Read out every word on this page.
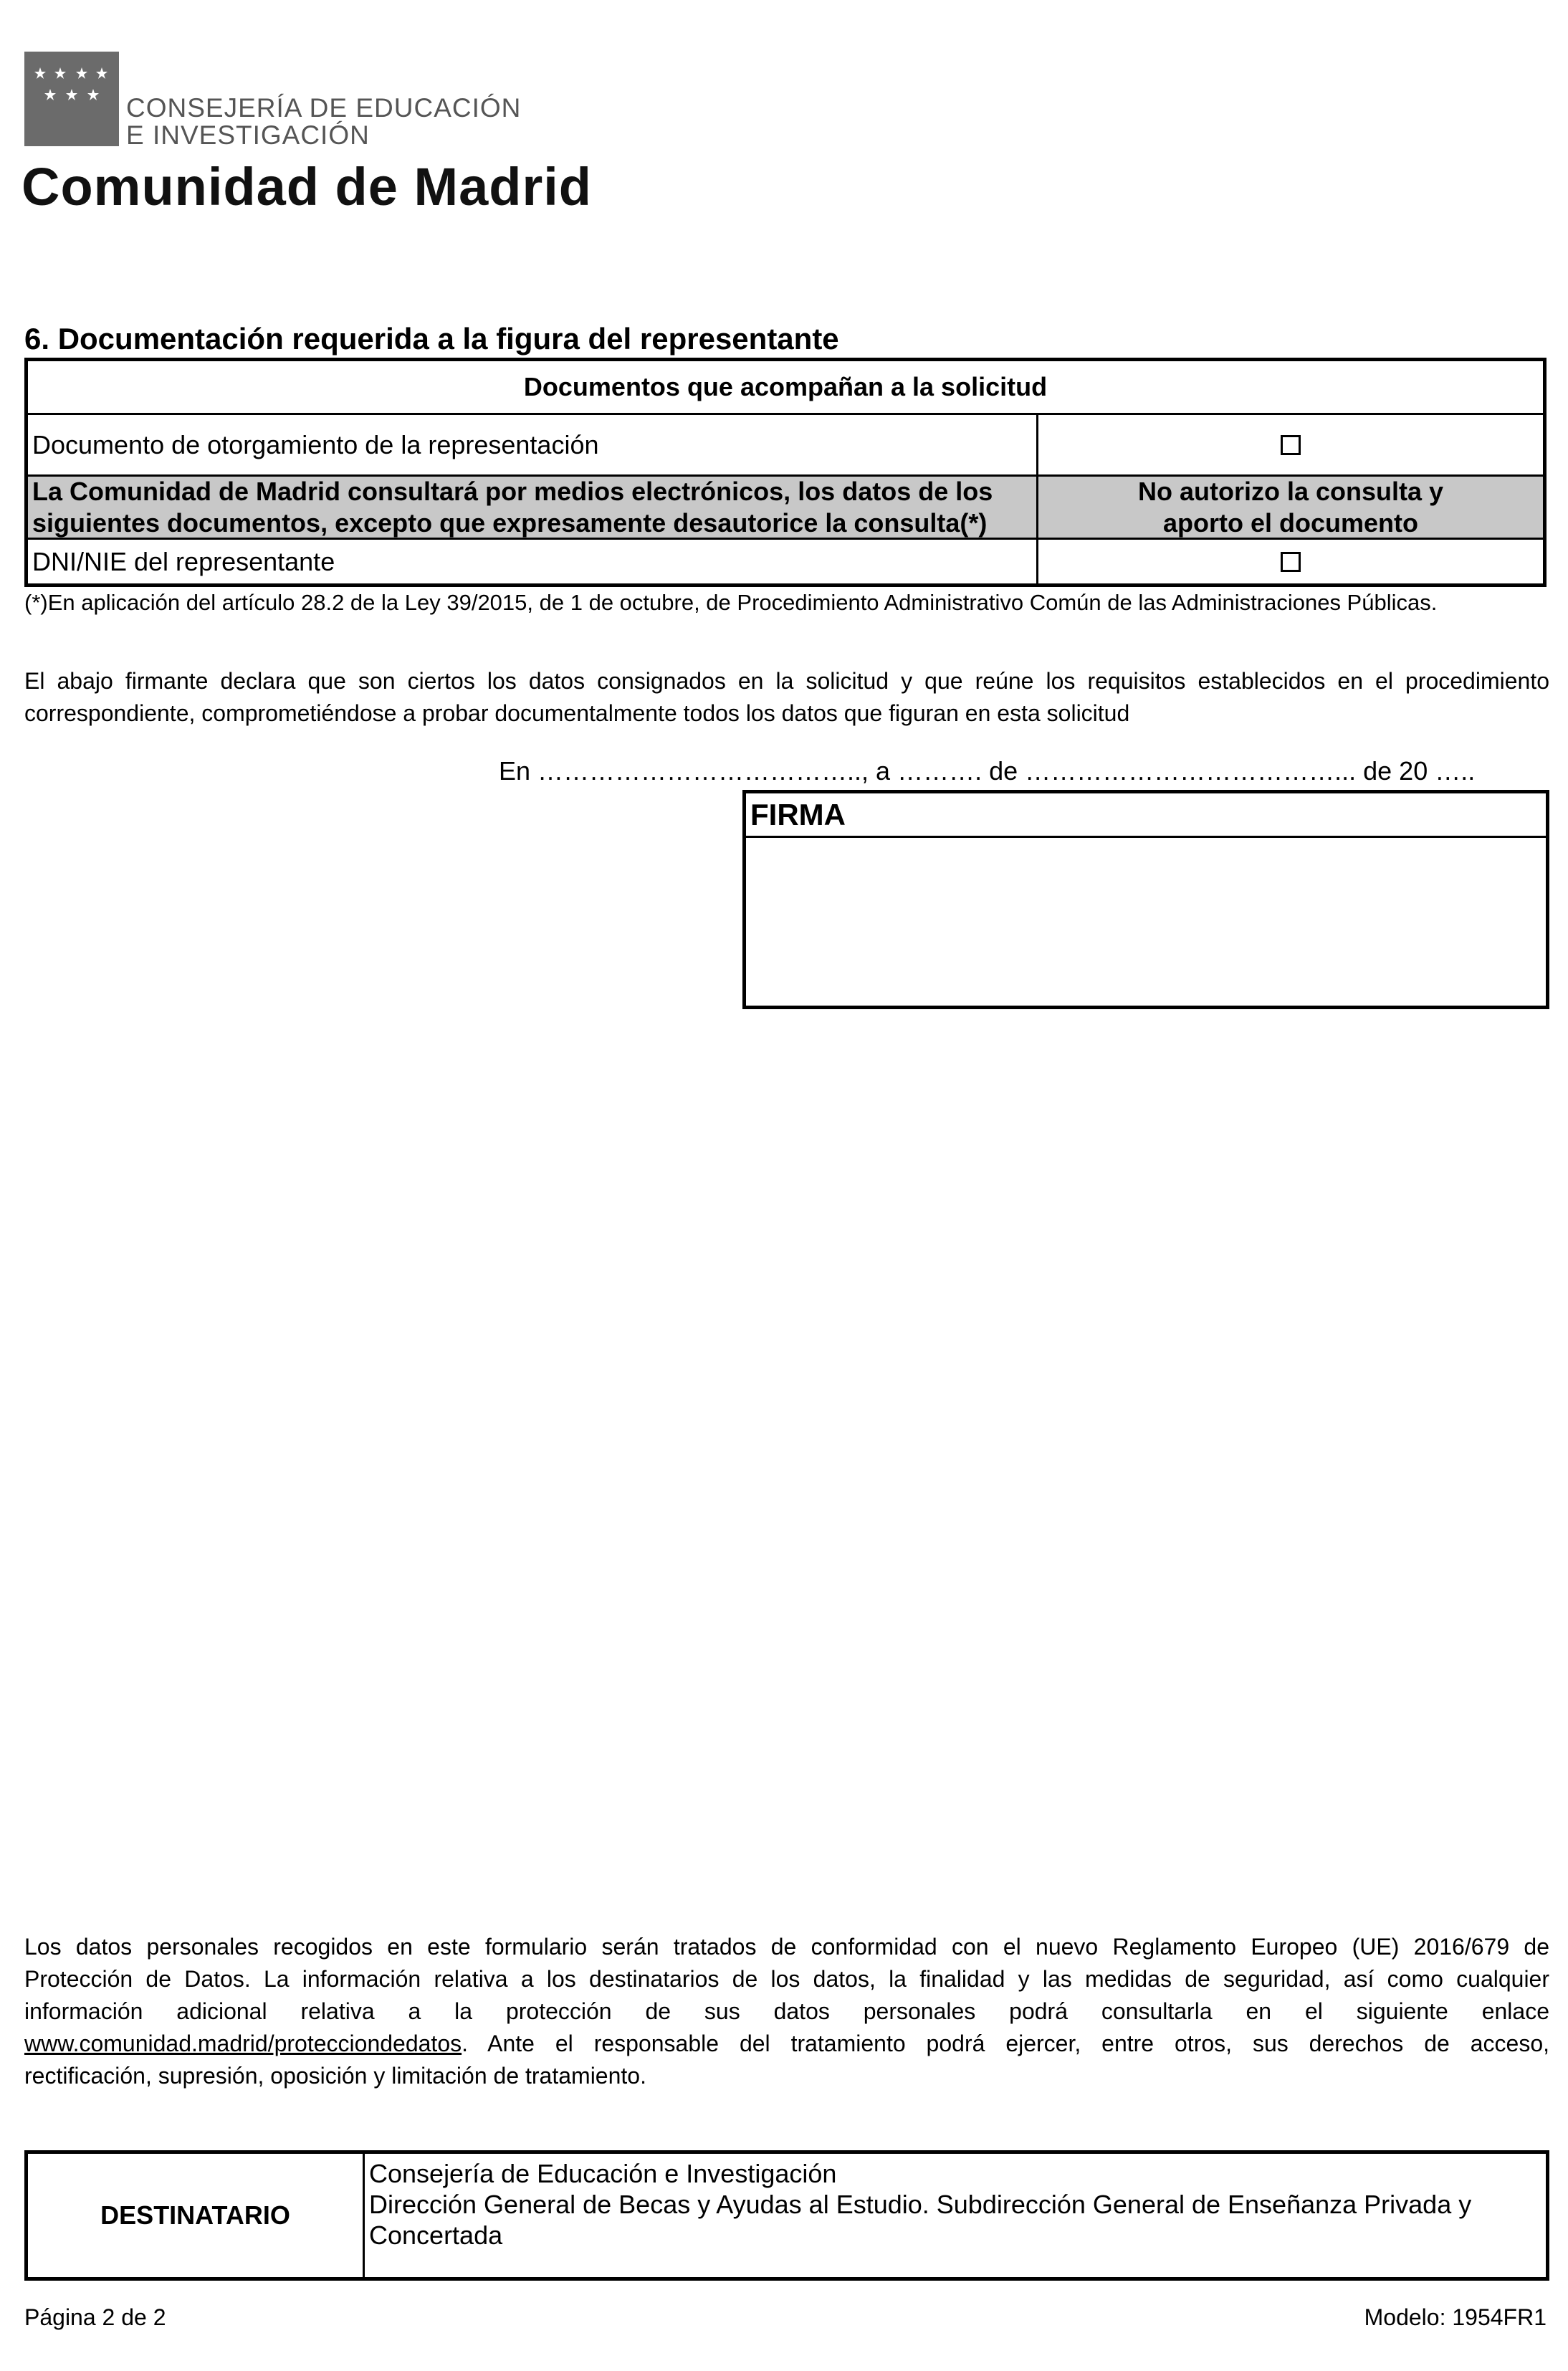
CONSEJERÍA DE EDUCACIÓN
E INVESTIGACIÓN
Comunidad de Madrid
6. Documentación requerida a la figura del representante
Documentos que acompañan a la solicitud
Documento de otorgamiento de la representación
La Comunidad de Madrid consultará por medios electrónicos, los datos de los
siguientes documentos, excepto que expresamente desautorice la consulta(*)
No autorizo la consulta y
aporto el documento
DNI/NIE del representante
(*)En aplicación del artículo 28.2 de la Ley 39/2015, de 1 de octubre, de Procedimiento Administrativo Común de las Administraciones Públicas.
El abajo firmante declara que son ciertos los datos consignados en la solicitud y que reúne los requisitos establecidos en el procedimiento
correspondiente, comprometiéndose a probar documentalmente todos los datos que figuran en esta solicitud
En ……………………………….., a ………. de ………………………………... de 20 …..
FIRMA
Los datos personales recogidos en este formulario serán tratados de conformidad con el nuevo Reglamento Europeo (UE) 2016/679 de
Protección de Datos. La información relativa a los destinatarios de los datos, la finalidad y las medidas de seguridad, así como cualquier
información adicional relativa a la protección de sus datos personales podrá consultarla en el siguiente enlace
www.comunidad.madrid/protecciondedatos. Ante el responsable del tratamiento podrá ejercer, entre otros, sus derechos de acceso,
rectificación, supresión, oposición y limitación de tratamiento.
DESTINATARIO
Consejería de Educación e Investigación
Dirección General de Becas y Ayudas al Estudio. Subdirección General de Enseñanza Privada y
Concertada
Página 2 de 2	Modelo: 1954FR1
